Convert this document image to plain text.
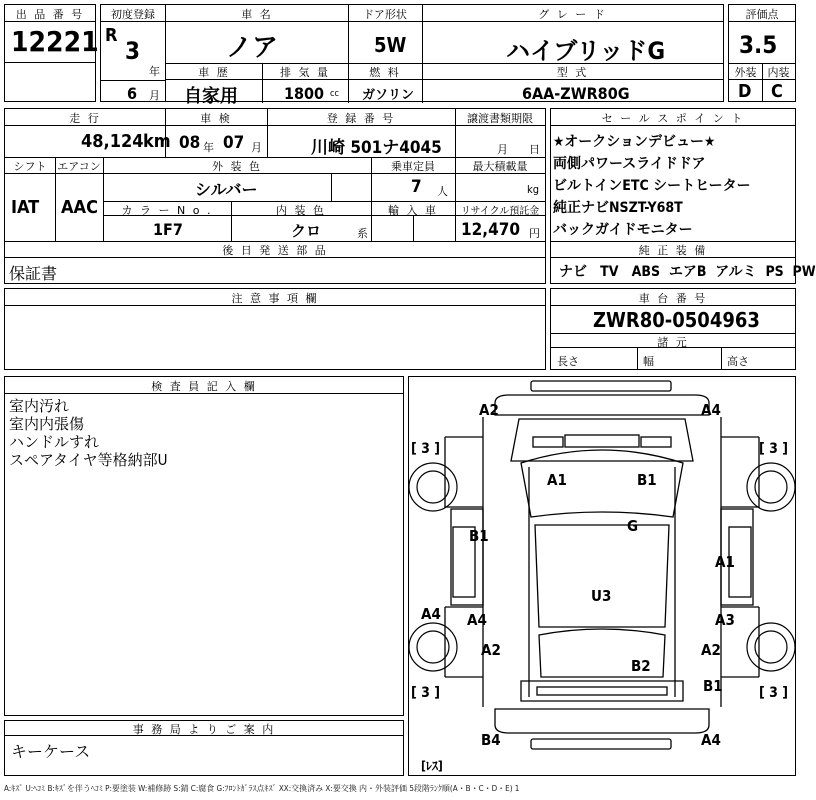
出 品 番 号
12221
初度登録
R
3
年
6 月
車 名	ドア形状	グ レ ー ド
ノア	5W	ハイブリッドG
車 歴	排 気 量	燃 料	型 式
自家用	1800 cc ガソリン	6AA-ZWR80G
評価点
3.5
外装	内装
D C
走 行	車 検	登 録 番 号	譲渡書類期限
48,124 km 08 年 07 月	川崎 501ナ4045	月 日
シフト エアコン	外 装 色	乗車定員	最大積載量
IAT AAC
シルバー	7 人	kg
カ ラ ー N o .	内 装 色	輸 入 車	リサイクル預託金
1F7	クロ	系	12,470 円
後 日 発 送 部 品
保証書
セ ー ル ス ポ イ ン ト
★オークションデビュー★
両側パワースライドドア
ビルトインETC シートヒーター
純正ナビNSZT-Y68T
バックガイドモニター
純 正 装 備
ナビ TV ABS エアB アルミ PS PW
注 意 事 項 欄	車 台 番 号
ZWR80-0504963
諸 元
長さ	幅	高さ
検 査 員 記 入 欄
室内汚れ
室内内張傷
ハンドルすれ
スペアタイヤ等格納部U
事 務 局 よ り ご 案 内
キーケース
A2	A4
A1	B1
G
B1
A1
A4 A4
U3
A3
A2	A2
B2
B1
B4	A4
[ 3 ]	[ 3 ]
[ 3 ]	[ 3 ]
[ﾚｽ]
A:ｷｽﾞ U:ﾍｺﾐ B:ｷｽﾞを伴うﾍｺﾐ P:要塗装 W:補修跡 S:錆 C:腐食 G:ﾌﾛﾝﾄｶﾞﾗｽ点ｷｽﾞ XX:交換済み X:要交換 内・外装評価 5段階ﾗﾝｸ順(A・B・C・D・E) 1
